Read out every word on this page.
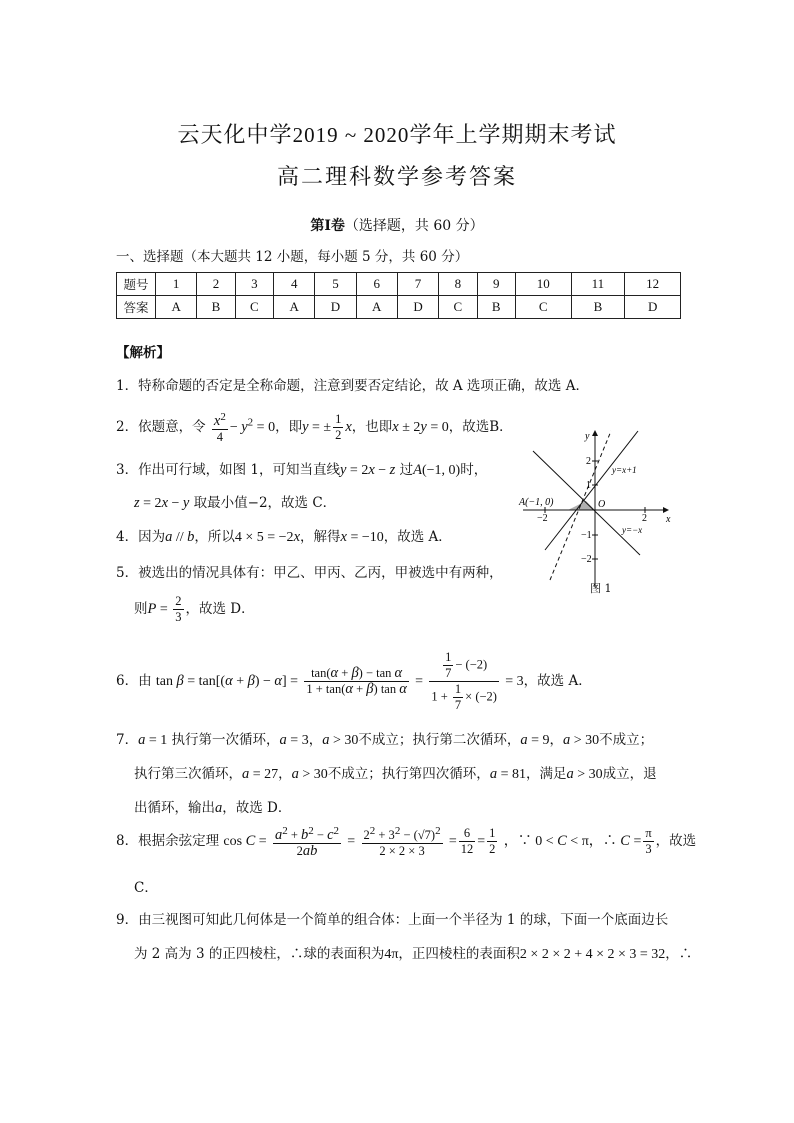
云天化中学2019 ~ 2020学年上学期期末考试
高二理科数学参考答案
第Ⅰ卷（选择题，共 60 分）
一、选择题（本大题共 12 小题，每小题 5 分，共 60 分）
题号	1	2	3	4	5	6	7	8	9	10	11	12
答案	A	B	C	A	D	A	D	C	B	C	B	D
【解析】
1．特称命题的否定是全称命题，注意到要否定结论，故 A 选项正确，故选 A．
2．依题意，令 $\frac{x^2}{4} - y^2 = 0$，即y = ± $\frac{1}{2}$ x，也即x ± 2y = 0，故选B．
3．作出可行域，如图 1，可知当直线y = 2x − z 过A(−1, 0)时，
z = 2x − y 取最小值−2，故选 C．
4．因为a // b，所以4 × 5 = −2x，解得x = −10，故选 A．
5．被选出的情况具体有：甲乙、甲丙、乙丙，甲被选中有两种，
则$P = \frac{2}{3}$ ，故选 D．
6．由 $\tan \beta = \tan[(\alpha + \beta) - \alpha] = \frac{\text{tan(α + β) − tan α}}{\text{1 + tan(α + β) tan α}} = \frac{\frac{1}{7} - (-2)}{1 + \frac{1}{7} \times (-2)} = 3$，故选 A．
7．a = 1 执行第一次循环，a = 3，a > 30不成立；执行第二次循环，a = 9，a > 30不成立；
执行第三次循环，a = 27，a > 30不成立；执行第四次循环，a = 81，满足a > 30成立，退
出循环，输出a，故选 D．
8．根据余弦定理 $\cos C = \frac{a^2 + b^2 - c^2}{2ab} = \frac{2^2 + 3^2 - (√7)^2}{2 \times 2 \times 3} = \frac{6}{12} = \frac{1}{2}$ ，∵ 0 < C < π，∴ $C = \frac{\pi}{3}$ ，故选
C．
9．由三视图可知此几何体是一个简单的组合体：上面一个半径为 1 的球，下面一个底面边长
为 2 高为 3 的正四棱柱，∴球的表面积为4π，正四棱柱的表面积2 × 2 × 2 + 4 × 2 × 3 = 32，∴
y
x
O
A(−1, 0)
y=x+1
y=−x
2
1
−1
−2
−2	2
图 1
